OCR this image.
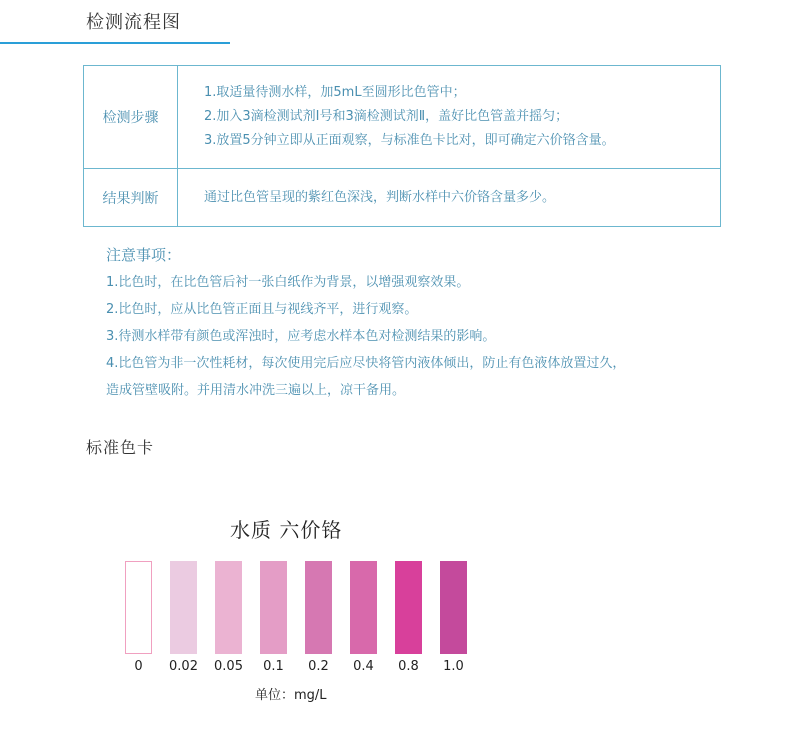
检测流程图
检测步骤	1.取适量待测水样，加5mL至圆形比色管中；
2.加入3滴检测试剂Ⅰ号和3滴检测试剂Ⅱ，盖好比色管盖并摇匀；
3.放置5分钟立即从正面观察，与标准色卡比对，即可确定六价铬含量。

结果判断	通过比色管呈现的紫红色深浅，判断水样中六价铬含量多少。
注意事项：
1.比色时，在比色管后衬一张白纸作为背景，以增强观察效果。
2.比色时，应从比色管正面且与视线齐平，进行观察。
3.待测水样带有颜色或浑浊时，应考虑水样本色对检测结果的影响。
4.比色管为非一次性耗材，每次使用完后应尽快将管内液体倾出，防止有色液体放置过久，
造成管壁吸附。并用清水冲洗三遍以上，凉干备用。
标准色卡
水质 六价铬
0	0.02	0.05	0.1	0.2	0.4	0.8	1.0
单位：mg/L
